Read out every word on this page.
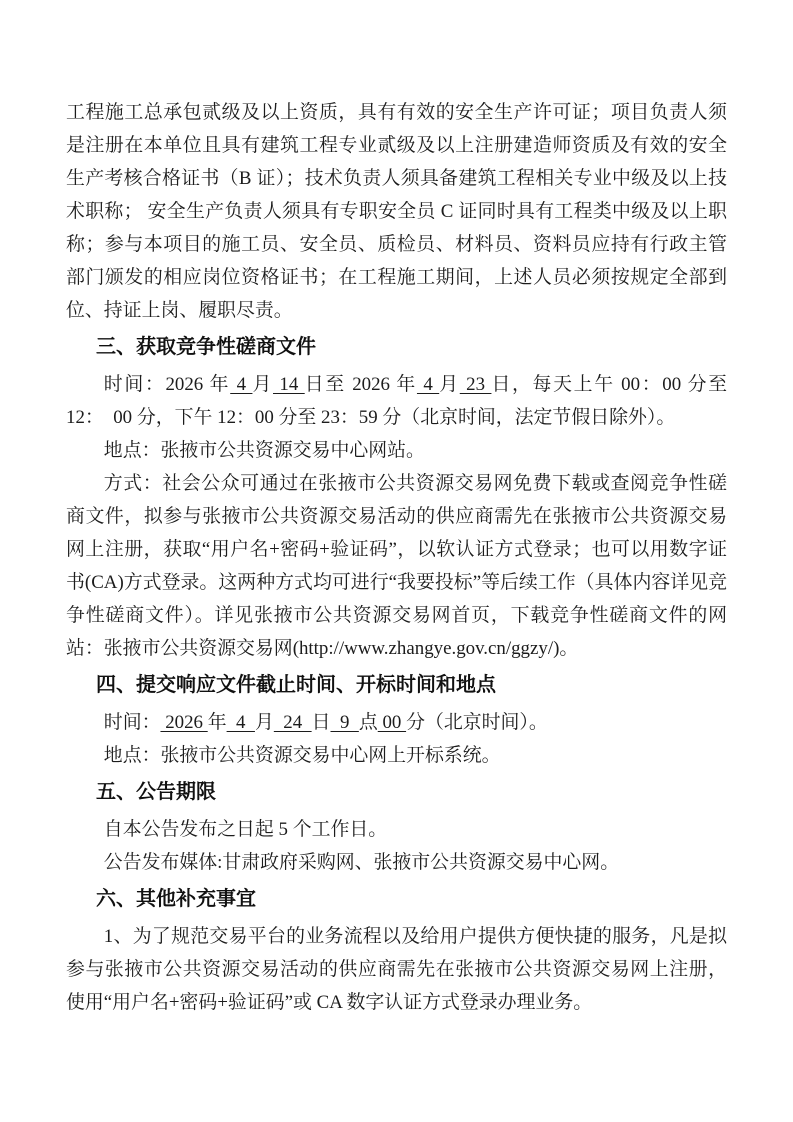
工程施工总承包贰级及以上资质，具有有效的安全生产许可证；项目负责人须是注册在本单位且具有建筑工程专业贰级及以上注册建造师资质及有效的安全生产考核合格证书（B 证）；技术负责人须具备建筑工程相关专业中级及以上技术职称； 安全生产负责人须具有专职安全员 C 证同时具有工程类中级及以上职称；参与本项目的施工员、安全员、质检员、材料员、资料员应持有行政主管部门颁发的相应岗位资格证书；在工程施工期间，上述人员必须按规定全部到位、持证上岗、履职尽责。

三、获取竞争性磋商文件

时间：2026 年 4 月 14 日至 2026 年 4 月 23 日，每天上午 00：00 分至 12：  00 分，下午 12：00 分至 23：59 分（北京时间，法定节假日除外）。

地点：张掖市公共资源交易中心网站。

方式：社会公众可通过在张掖市公共资源交易网免费下载或查阅竞争性磋商文件，拟参与张掖市公共资源交易活动的供应商需先在张掖市公共资源交易网上注册，获取“用户名+密码+验证码”，以软认证方式登录；也可以用数字证书(CA)方式登录。这两种方式均可进行“我要投标”等后续工作（具体内容详见竞争性磋商文件）。详见张掖市公共资源交易网首页，下载竞争性磋商文件的网站：张掖市公共资源交易网(http://www.zhangye.gov.cn/ggzy/)。

四、提交响应文件截止时间、开标时间和地点

时间： 2026 年  4  月  24  日  9  点 00 分（北京时间）。

地点：张掖市公共资源交易中心网上开标系统。

五、公告期限

自本公告发布之日起 5 个工作日。

公告发布媒体:甘肃政府采购网、张掖市公共资源交易中心网。

六、其他补充事宜

1、为了规范交易平台的业务流程以及给用户提供方便快捷的服务，凡是拟参与张掖市公共资源交易活动的供应商需先在张掖市公共资源交易网上注册，使用“用户名+密码+验证码”或 CA 数字认证方式登录办理业务。
